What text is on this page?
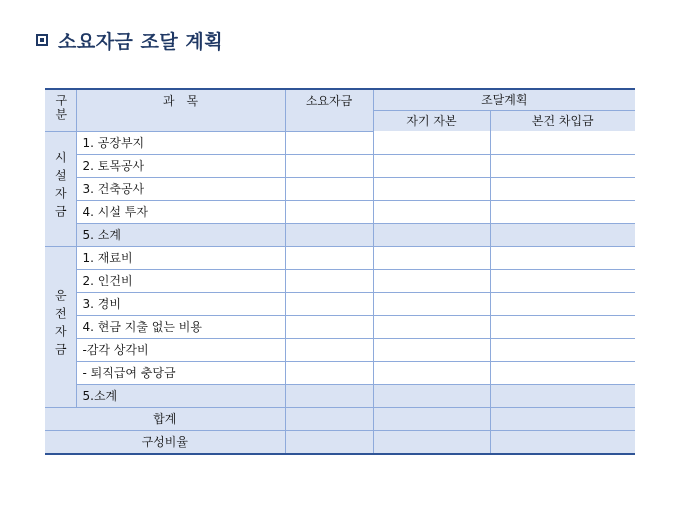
소요자금 조달 계획
구분	과　목	소요자금	조달계획	
			자기 자본	본건 차입금
시설자금	1. 공장부지			
	2. 토목공사			
	3. 건축공사			
	4. 시설 투자			
	5. 소계			
운전자금	1. 재료비			
	2. 인건비			
	3. 경비			
	4. 현금 지출 없는 비용			
	-감각 상각비			
	- 퇴직급여 충당금			
	5.소계			
합계				
구성비율				
